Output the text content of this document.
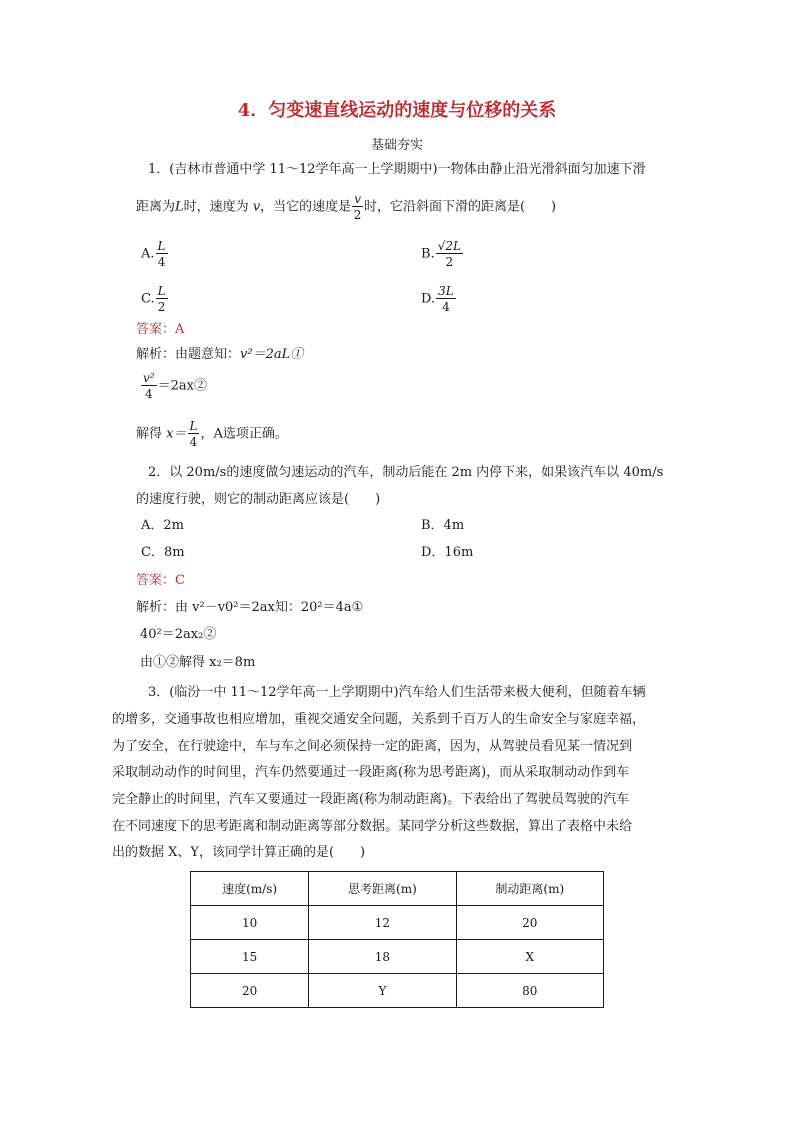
4．匀变速直线运动的速度与位移的关系
基础夯实
1．(吉林市普通中学 11～12学年高一上学期期中)一物体由静止沿光滑斜面匀加速下滑
距离为L时，速度为 v，当它的速度是 $\frac{v}{2}$ 时，它沿斜面下滑的距离是(　　)
A. $\frac{L}{4}$	B. $\frac{√2L}{2}$
C. $\frac{L}{2}$	D. $\frac{3L}{4}$
答案：A
解析：由题意知：v²＝2aL①
$\frac{\text{v²}}{4}$ ＝2ax②
解得 $x= \frac{L}{4}$ ，A选项正确。
2．以 20m/s的速度做匀速运动的汽车，制动后能在 2m 内停下来，如果该汽车以 40m/s
的速度行驶，则它的制动距离应该是(　　)
A．2m	B．4m
C．8m	D．16m
答案：C
解析：由 v²－v0²＝2ax知：20²＝4a①
40²＝2ax₂②
由①②解得 x₂＝8m
3．(临汾一中 11～12学年高一上学期期中)汽车给人们生活带来极大便利，但随着车辆
的增多，交通事故也相应增加，重视交通安全问题，关系到千百万人的生命安全与家庭幸福，
为了安全，在行驶途中，车与车之间必须保持一定的距离，因为，从驾驶员看见某一情况到
采取制动动作的时间里，汽车仍然要通过一段距离(称为思考距离)，而从采取制动动作到车
完全静止的时间里，汽车又要通过一段距离(称为制动距离)。下表给出了驾驶员驾驶的汽车
在不同速度下的思考距离和制动距离等部分数据。某同学分析这些数据，算出了表格中未给
出的数据 X、Y，该同学计算正确的是(　　)
速度(m/s)	思考距离(m)	制动距离(m)
10	12	20
15	18	X
20	Y	80
